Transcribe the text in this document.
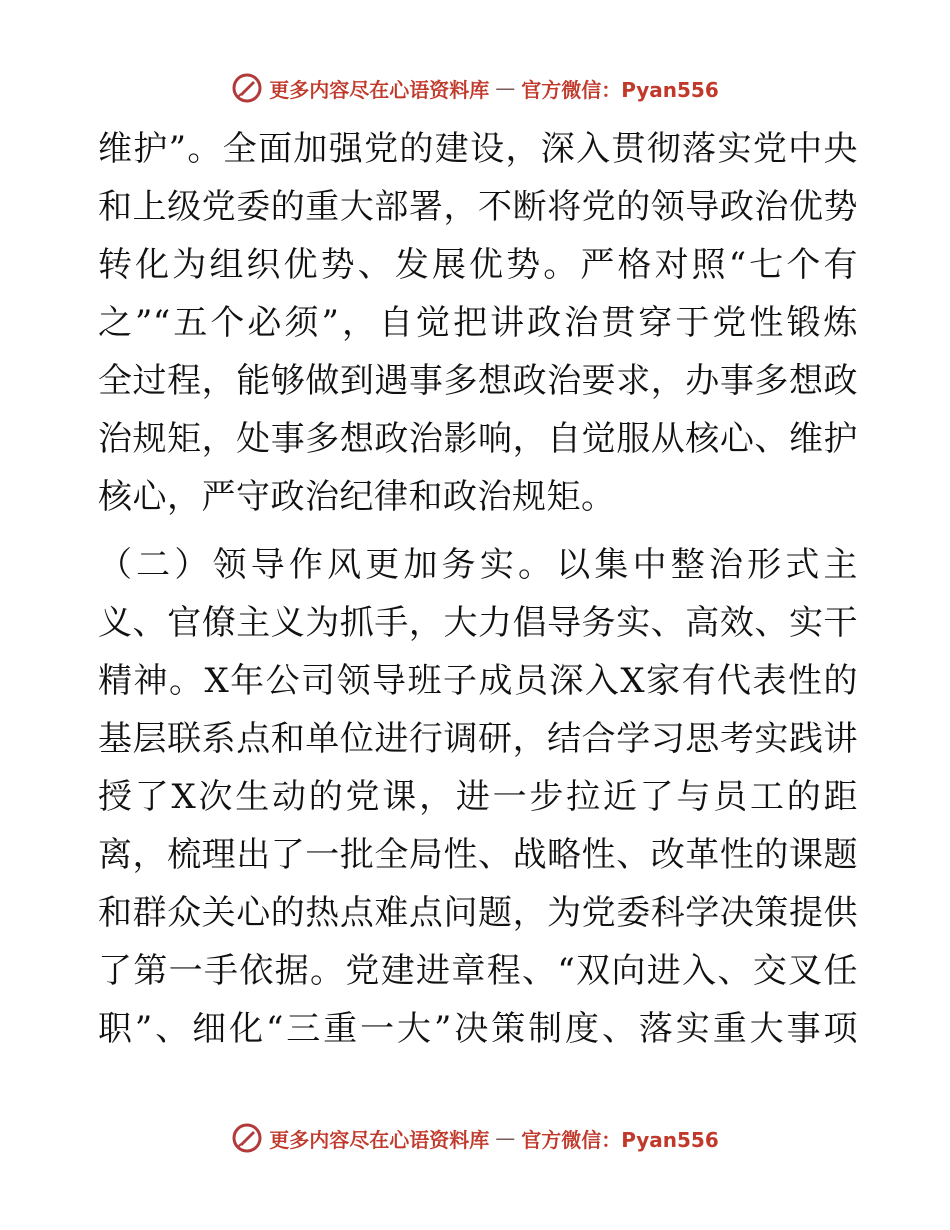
更多内容尽在心语资料库 — 官方微信：Pyan556
维护”。全面加强党的建设，深入贯彻落实党中央
和上级党委的重大部署，不断将党的领导政治优势
转化为组织优势、发展优势。严格对照“七个有
之”“五个必须”，自觉把讲政治贯穿于党性锻炼
全过程，能够做到遇事多想政治要求，办事多想政
治规矩，处事多想政治影响，自觉服从核心、维护
核心，严守政治纪律和政治规矩。
（二）领导作风更加务实。以集中整治形式主
义、官僚主义为抓手，大力倡导务实、高效、实干
精神。X年公司领导班子成员深入X家有代表性的
基层联系点和单位进行调研，结合学习思考实践讲
授了X次生动的党课，进一步拉近了与员工的距
离，梳理出了一批全局性、战略性、改革性的课题
和群众关心的热点难点问题，为党委科学决策提供
了第一手依据。党建进章程、“双向进入、交叉任
职”、细化“三重一大”决策制度、落实重大事项
更多内容尽在心语资料库 — 官方微信：Pyan556
